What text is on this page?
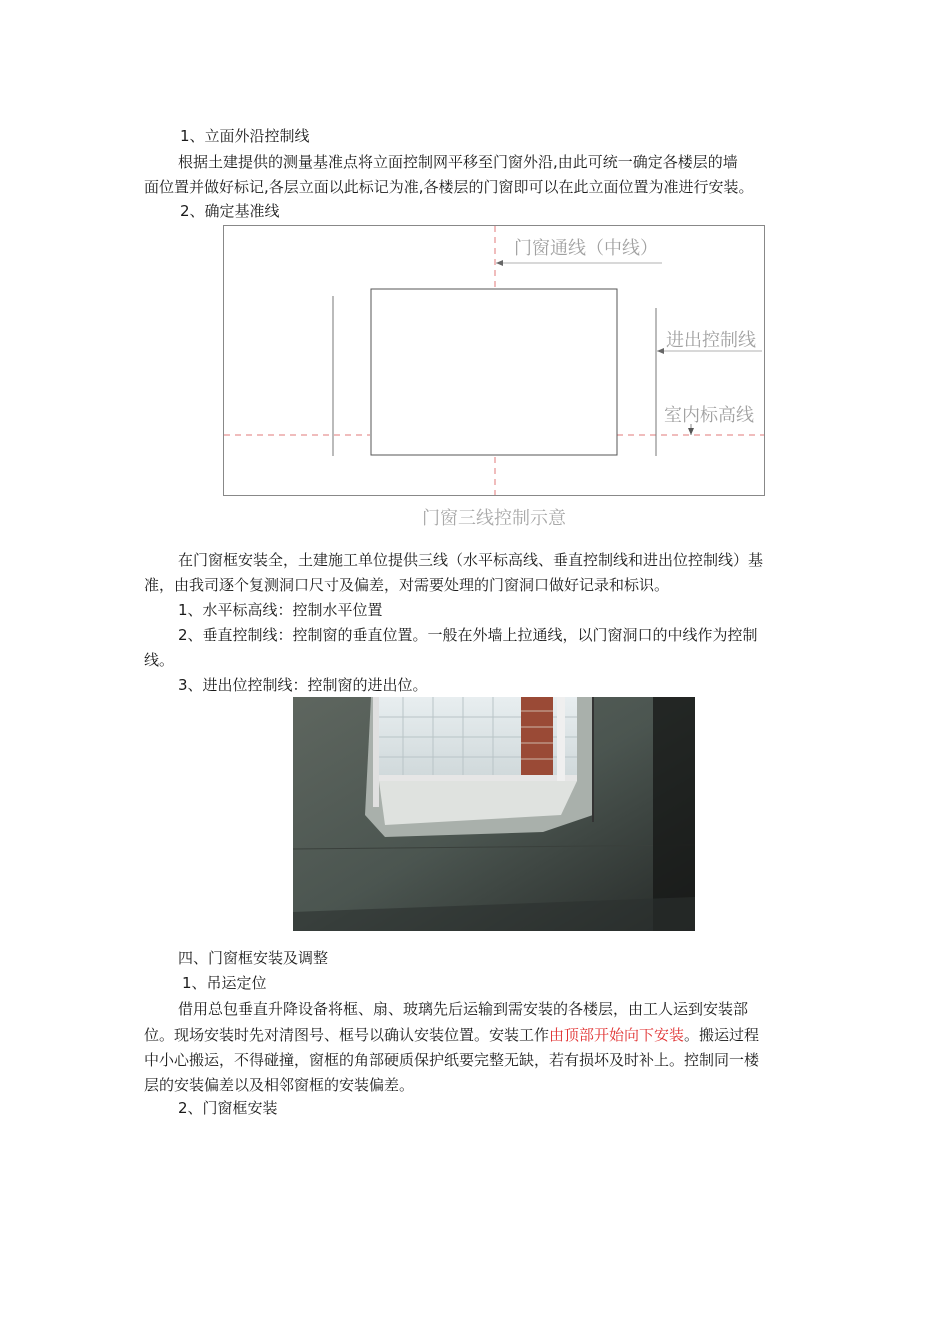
1、立面外沿控制线
根据土建提供的测量基准点将立面控制网平移至门窗外沿,由此可统一确定各楼层的墙
面位置并做好标记,各层立面以此标记为准,各楼层的门窗即可以在此立面位置为准进行安装。
2、确定基准线
门窗通线（中线）
进出控制线
室内标高线
门窗三线控制示意
在门窗框安装全，土建施工单位提供三线（水平标高线、垂直控制线和进出位控制线）基
准，由我司逐个复测洞口尺寸及偏差，对需要处理的门窗洞口做好记录和标识。
1、水平标高线：控制水平位置
2、垂直控制线：控制窗的垂直位置。一般在外墙上拉通线，以门窗洞口的中线作为控制
线。
3、进出位控制线：控制窗的进出位。
四、门窗框安装及调整
1、吊运定位
借用总包垂直升降设备将框、扇、玻璃先后运输到需安装的各楼层，由工人运到安装部
位。现场安装时先对清图号、框号以确认安装位置。安装工作由顶部开始向下安装。搬运过程
中小心搬运，不得碰撞，窗框的角部硬质保护纸要完整无缺，若有损坏及时补上。控制同一楼
层的安装偏差以及相邻窗框的安装偏差。
2、门窗框安装
